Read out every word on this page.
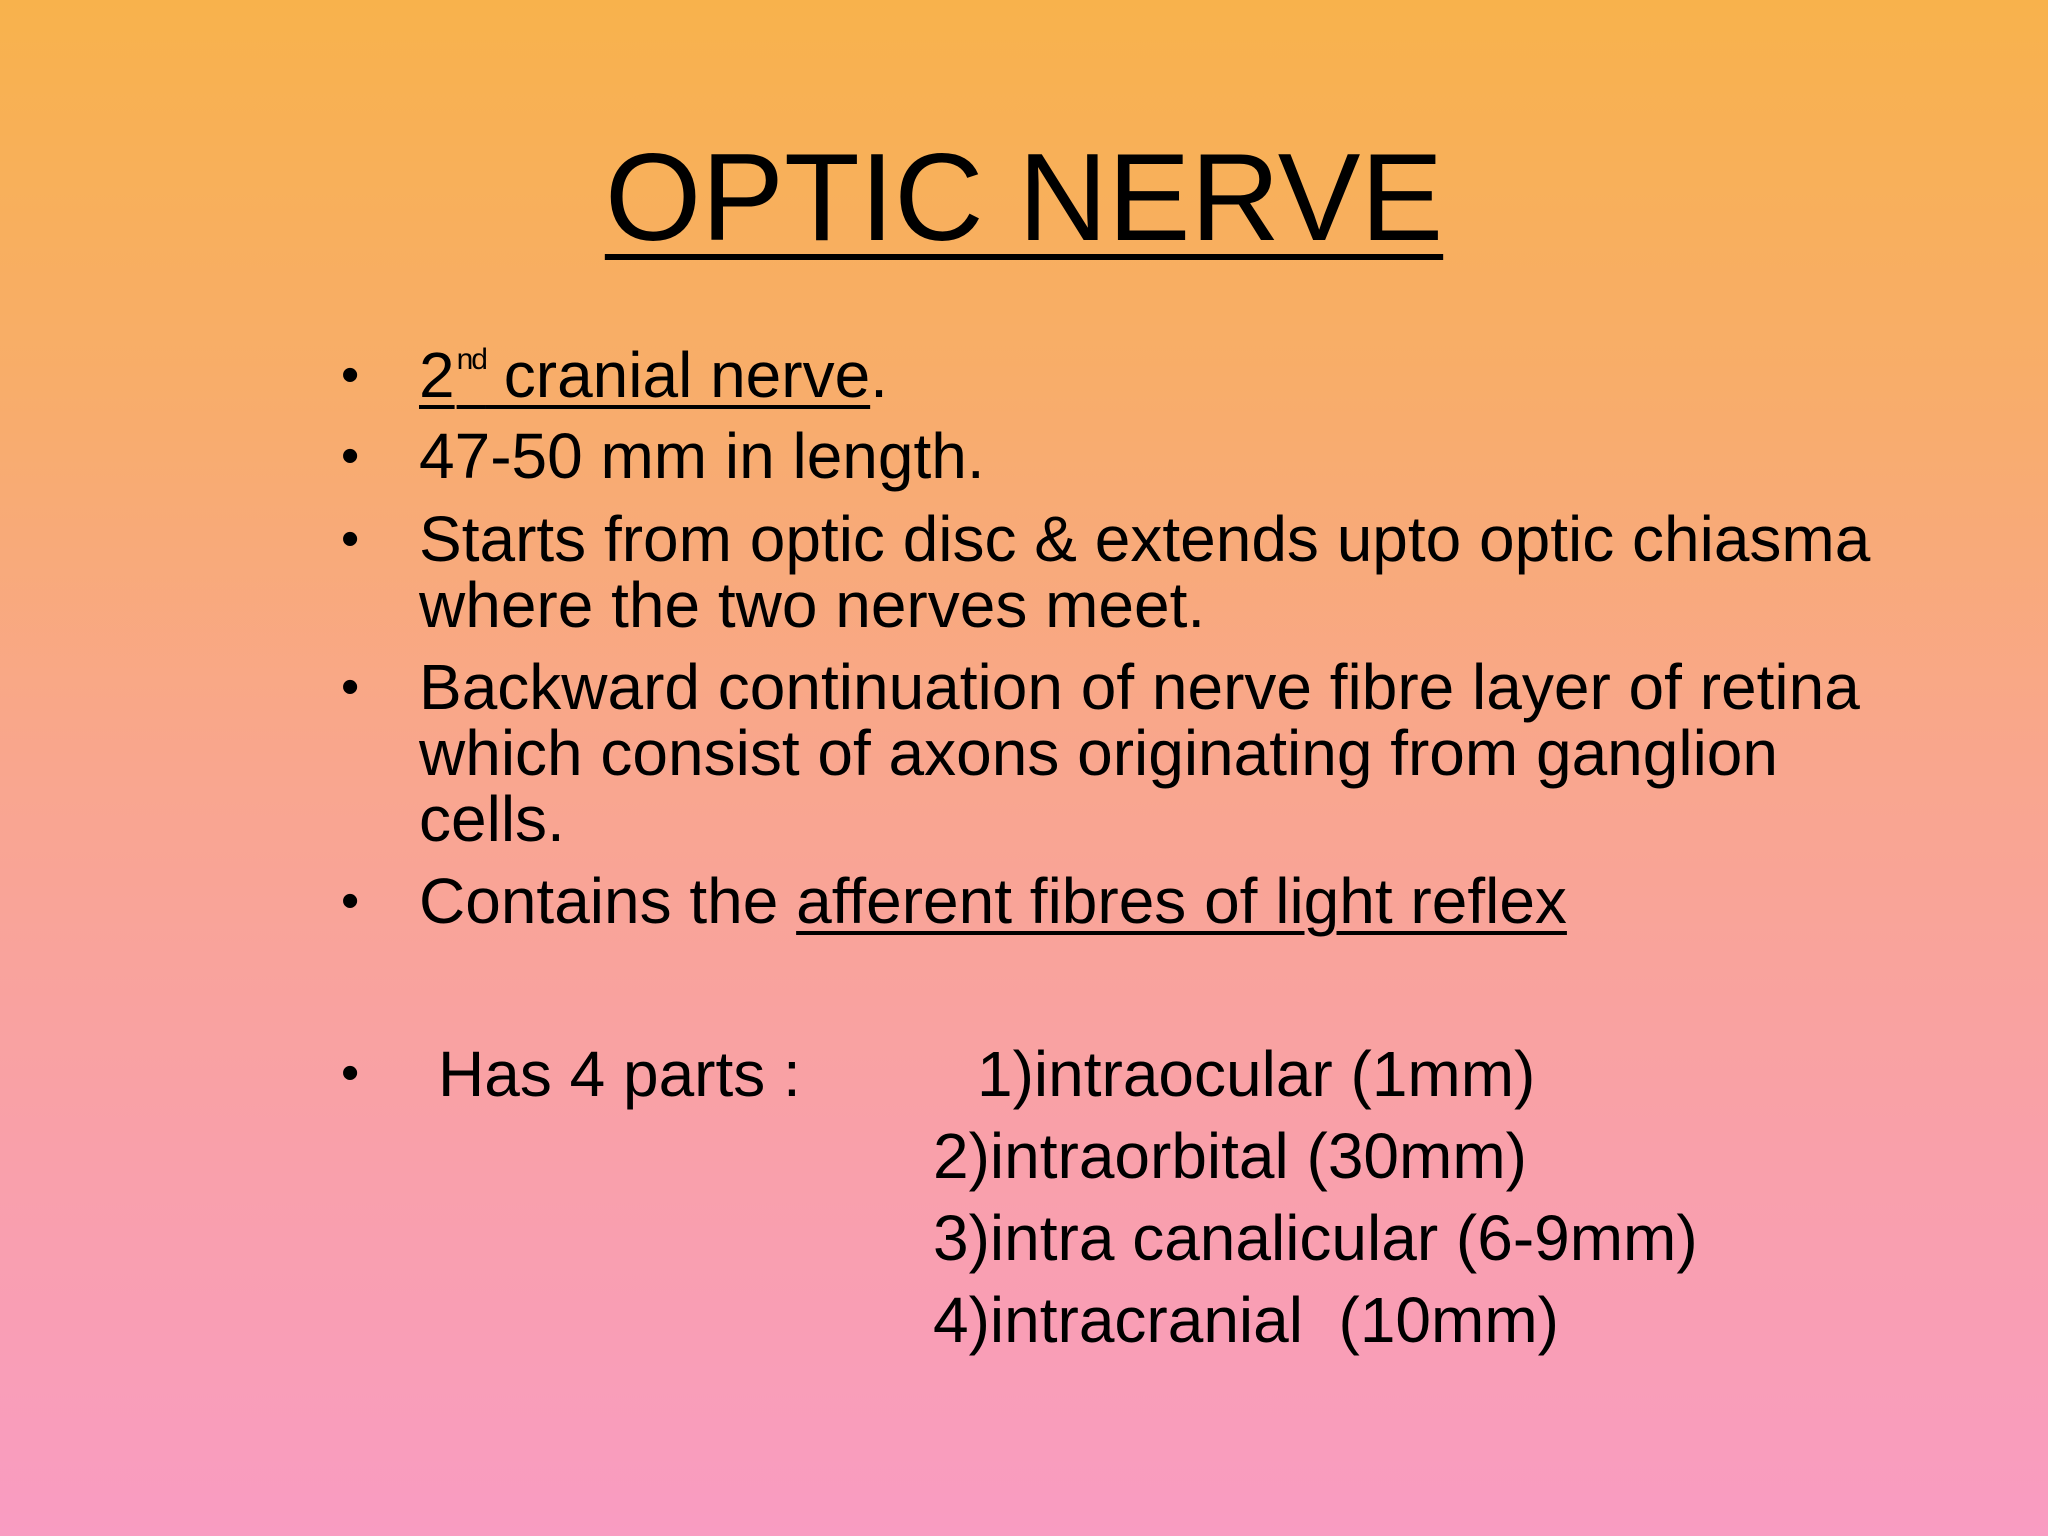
OPTIC NERVE
• 2nd cranial nerve.
• 47-50 mm in length.
• Starts from optic disc & extends upto optic chiasma
where the two nerves meet.
• Backward continuation of nerve fibre layer of retina
which consist of axons originating from ganglion
cells.
• Contains the afferent fibres of light reflex
• Has 4 parts :	1)intraocular (1mm)
2)intraorbital (30mm)
3)intra canalicular (6-9mm)
4)intracranial  (10mm)
